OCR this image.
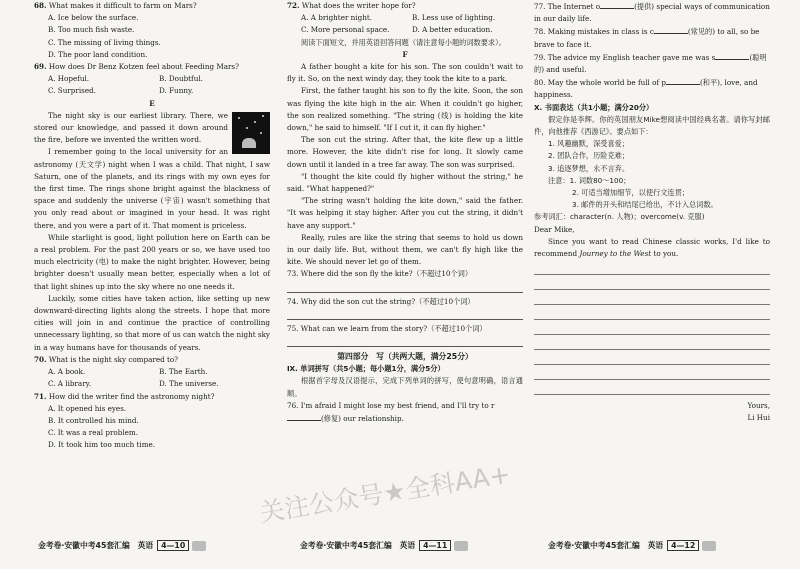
68. What makes it difficult to farm on Mars?
A. Ice below the surface.
B. Too much fish waste.
C. The missing of living things.
D. The poor land condition.
69. How does Dr Benz Kotzen feel about Feeding Mars?
A. Hopeful.	B. Doubtful.
C. Surprised.	D. Funny.
E

The night sky is our earliest library. There, we stored our knowledge, and passed it down around the fire, before we invented the written word.

I remember going to the local university for an astronomy (天文学) night when I was a child. That night, I saw Saturn, one of the planets, and its rings with my own eyes for the first time. The rings shone bright against the blackness of space and suddenly the universe (宇宙) wasn't something that you only read about or imagined in your head. It was right there, and you were a part of it. That moment is priceless.

While starlight is good, light pollution here on Earth can be a real problem. For the past 200 years or so, we have used too much electricity (电) to make the night brighter. However, being brighter doesn't usually mean better, especially when a lot of that light shines up into the sky where no one needs it.

Luckily, some cities have taken action, like setting up new downward-directing lights along the streets. I hope that more cities will join in and continue the practice of controlling unnecessary lighting, so that more of us can watch the night sky in a way humans have for thousands of years.

70. What is the night sky compared to?
A. A book.	B. The Earth.
C. A library.	D. The universe.
71. How did the writer find the astronomy night?
A. It opened his eyes.
B. It controlled his mind.
C. It was a real problem.
D. It took him too much time.
72. What does the writer hope for?
A. A brighter night.	B. Less use of lighting.
C. More personal space.	D. A better education.

阅读下面短文，并用英语回答问题（请注意每小题的词数要求）。

F

A father bought a kite for his son. The son couldn't wait to fly it. So, on the next windy day, they took the kite to a park.

First, the father taught his son to fly the kite. Soon, the son was flying the kite high in the air. When it couldn't go higher, the son realized something. "The string (线) is holding the kite down," he said to himself. "If I cut it, it can fly higher."

The son cut the string. After that, the kite flew up a little more. However, the kite didn't rise for long. It slowly came down until it landed in a tree far away. The son was surprised.

"I thought the kite could fly higher without the string," he said. "What happened?"

"The string wasn't holding the kite down," said the father. "It was helping it stay higher. After you cut the string, it didn't have any support."

Really, rules are like the string that seems to hold us down in our daily life. But, without them, we can't fly high like the kite. We should never let go of them.

73. Where did the son fly the kite?（不超过10个词）
74. Why did the son cut the string?（不超过10个词）
75. What can we learn from the story?（不超过10个词）
第四部分　写（共两大题，满分25分）
Ⅸ. 单词拼写（共5小题；每小题1分，满分5分）

根据首字母及汉语提示，完成下列单词的拼写，使句意明确，语言通顺。

76. I'm afraid I might lose my best friend, and I'll try to r(修复) our relationship.
77. The Internet o	(提供) special ways of communication in our daily life.
78. Making mistakes in class is c	(常见的) to all, so be brave to face it.
79. The advice my English teacher gave me was s	(聪明的) and useful.
80. May the whole world be full of p	(和平), love, and happiness.
Ⅹ. 书面表达（共1小题；满分20分）

假定你是李辉。你的英国朋友Mike想阅读中国经典名著。请你写封邮件，向他推荐《西游记》。要点如下：

1. 风趣幽默，深受喜爱；
2. 团队合作，历险克难；
3. 追逐梦想，永不言弃。
注意：1. 词数80～100；
2. 可适当增加细节，以使行文连贯；
3. 邮件的开头和结尾已给出，不计入总词数。
参考词汇：character(n. 人物)；overcome(v. 克服)
Dear Mike,

Since you want to read Chinese classic works, I'd like to recommend Journey to the West to you.

Yours,
Li Hui
金考卷·安徽中考45套汇编　英语 4—10	金考卷·安徽中考45套汇编　英语 4—11	金考卷·安徽中考45套汇编　英语 4—12
关注公众号★全科AA+
